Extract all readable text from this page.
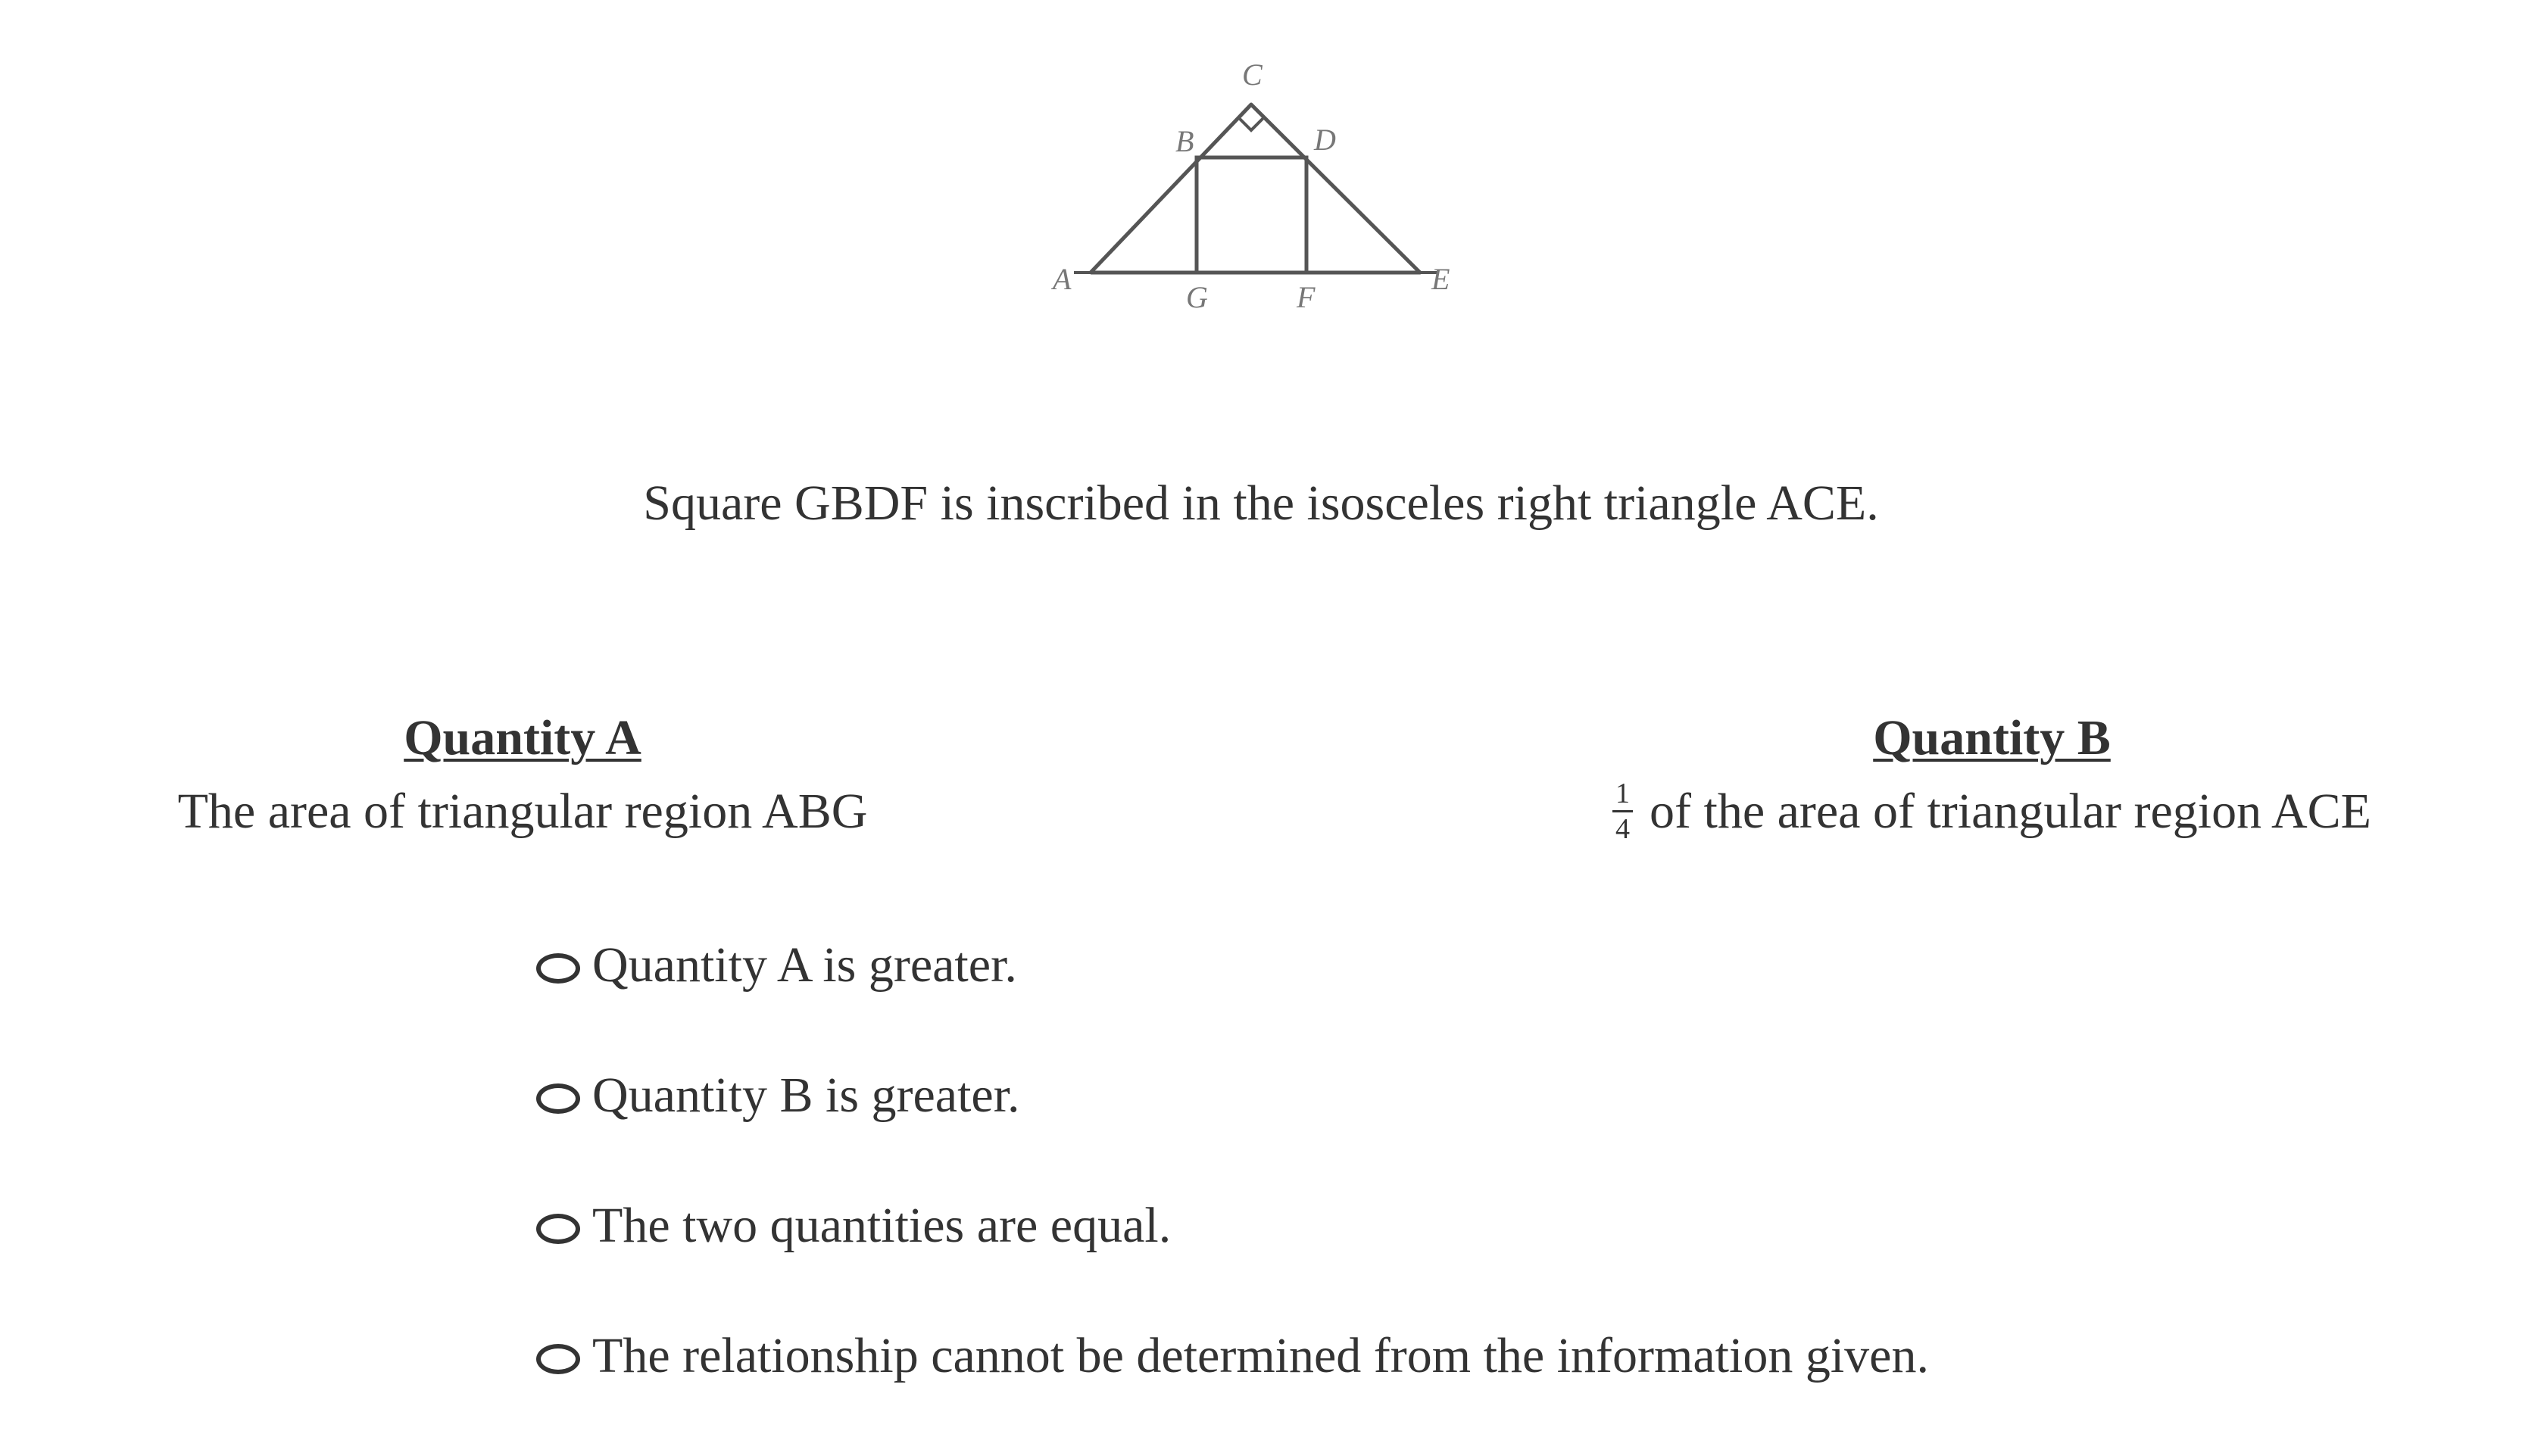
C
B	D
A	E
G	F
Square GBDF is inscribed in the isosceles right triangle ACE.
Quantity A
The area of triangular region ABG
Quantity B
$\frac{1}{4}$ of the area of triangular region ACE
Quantity A is greater.
Quantity B is greater.
The two quantities are equal.
The relationship cannot be determined from the information given.
